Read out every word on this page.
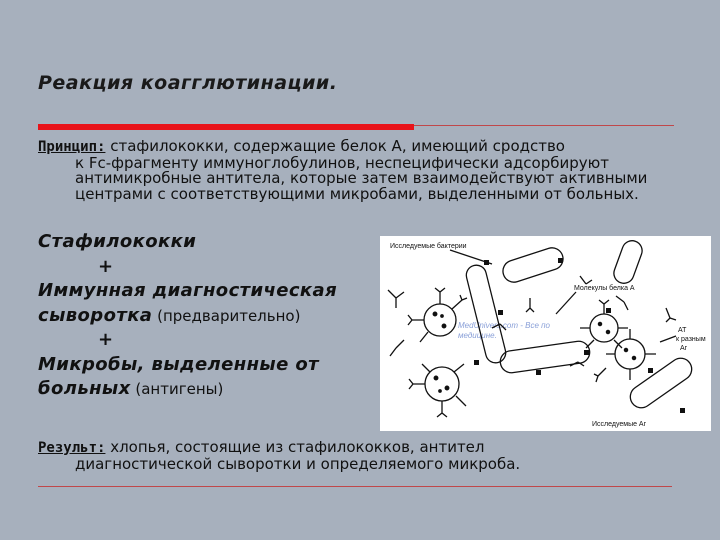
Реакция коагглютинации.
Принцип: стафилококки, содержащие белок А, имеющий сродство
к Fc-фрагменту иммуноглобулинов, неспецифически адсорбируют антимикробные антитела, которые затем взаимодействуют активными центрами с соответствующими микробами, выделенными от больных.
Стафилококки
+
Иммунная диагностическая
сыворотка (предварительно)
+
Микробы, выделенные от
больных (антигены)
Исследуемые бактерии
Молекулы белка А
АТ
к разным
Аг
Исследуемые Аг
MedUnivers.com - Все по
медицине.
Результ: хлопья, состоящие из стафилококков, антител
диагностической сыворотки и определяемого микроба.
